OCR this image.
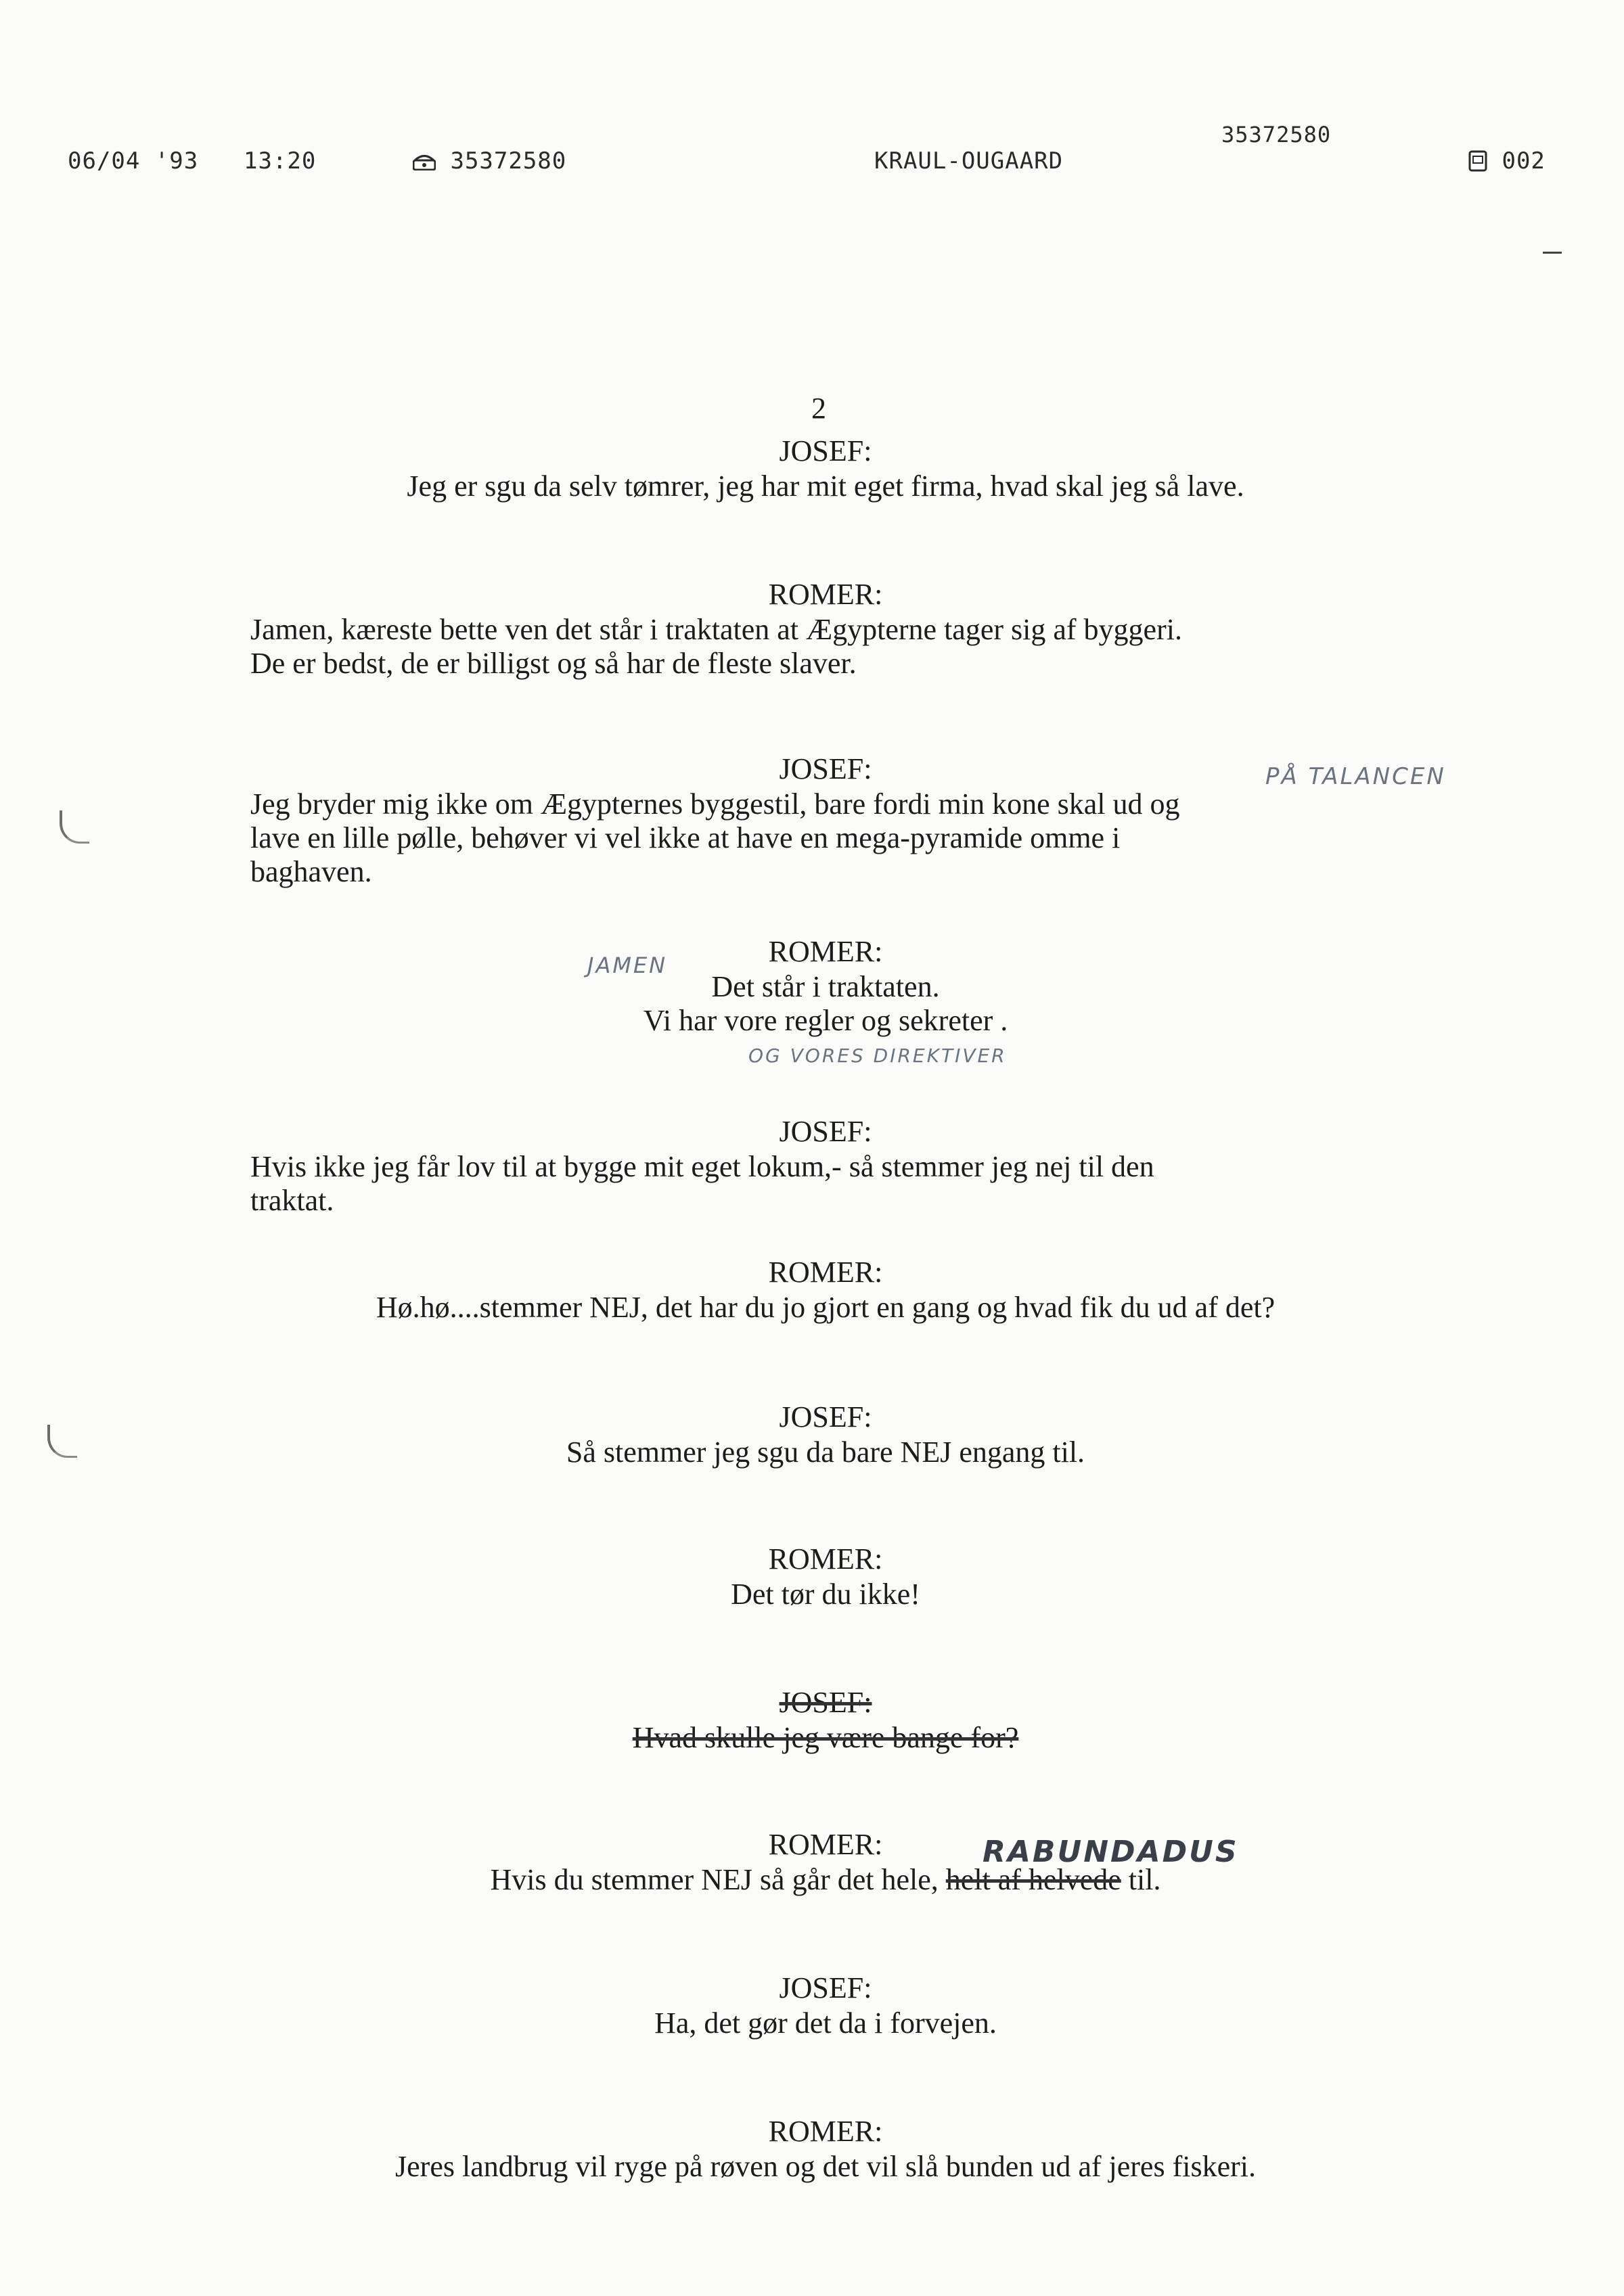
06/04 '93 13:20	35372580	KRAUL-OUGAARD
35372580
002
2
JOSEF:
Jeg er sgu da selv tømrer, jeg har mit eget firma, hvad skal jeg så lave.
ROMER:
Jamen, kæreste bette ven det står i traktaten at Ægypterne tager sig af byggeri.
De er bedst, de er billigst og så har de fleste slaver.
JOSEF:
Jeg bryder mig ikke om Ægypternes byggestil, bare fordi min kone skal ud og
lave en lille pølle, behøver vi vel ikke at have en mega-pyramide omme i
baghaven.
ROMER:
Det står i traktaten.
Vi har vore regler og sekreter .
JOSEF:
Hvis ikke jeg får lov til at bygge mit eget lokum,- så stemmer jeg nej til den
traktat.
ROMER:
Hø.hø....stemmer NEJ, det har du jo gjort en gang og hvad fik du ud af det?
JOSEF:
Så stemmer jeg sgu da bare NEJ engang til.
ROMER:
Det tør du ikke!
JOSEF:
Hvad skulle jeg være bange for?
ROMER:
Hvis du stemmer NEJ så går det hele, helt af helvede til.
JOSEF:
Ha, det gør det da i forvejen.
ROMER:
Jeres landbrug vil ryge på røven og det vil slå bunden ud af jeres fiskeri.
PÅ TALANCEN
JAMEN
OG VORES DIREKTIVER
RABUNDADUS
